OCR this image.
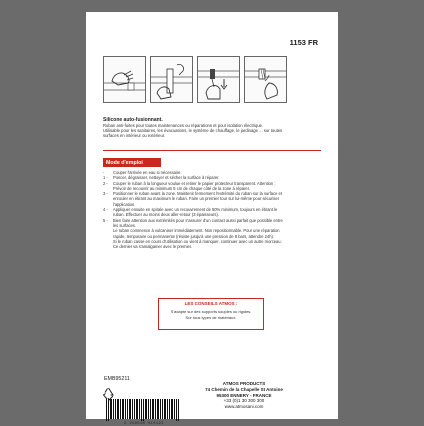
1153 FR
Silicone auto-fusionnant.
Ruban anti-fuites pour toutes maintenances ou réparations et pour isolation électrique.
Utilisable pour les sanitaires, les évacuations, le système de chauffage, le jardinage ... sur toutes
surfaces en intérieur ou extérieur.
Mode d'emploi
-	Couper l'arrivée en eau si nécessaire.
1 -	Poncer, dégraisser, nettoyer et sécher la surface à réparer.
2 -	Couper le ruban à la longueur voulue et retirer le papier protecteur transparent. Attention :
Prévoir de recouvrir au minimum 5 cm de chaque côté de la zone à réparer.
3 -	Positionner le ruban avant la zone. Maintenir fermement l'extrémité du ruban sur la surface et
enrouler en étirant au maximum le ruban. Faire un premier tour sur lui-même pour sécuriser
l'application.
4 -	Appliquer ensuite en spirale avec un recouvrement de 50% minimum, toujours en étirant le
ruban. Effectuer au moins deux aller-retour (3 épaisseurs).
5 -	Bien faire attention aux extrémités pour s'assurer d'un contact aussi parfait que possible entre
les surfaces.
Le ruban commence à vulcaniser immédiatement. Non repositionnable. Pour une réparation
rapide, temporaire ou permanente (résiste jusqu'à une pression de 8 bars, attendre 24h).
Si le ruban casse en cours d'utilisation ou vient à manquer, continuer avec un autre morceau.
Ce dernier va s'amalgamer avec le premier.
LES CONSEILS ATMOS :
S'adapte sur des supports souples ou rigides.
Sur tous types de matériaux.
EMB95211
3 259548 014122
ATMOS PRODUCTS
74 Chemin de la Chapelle St Antoine
95300 ENNERY - FRANCE
+33 (0)1 30 300 300
www.atmosani.com
